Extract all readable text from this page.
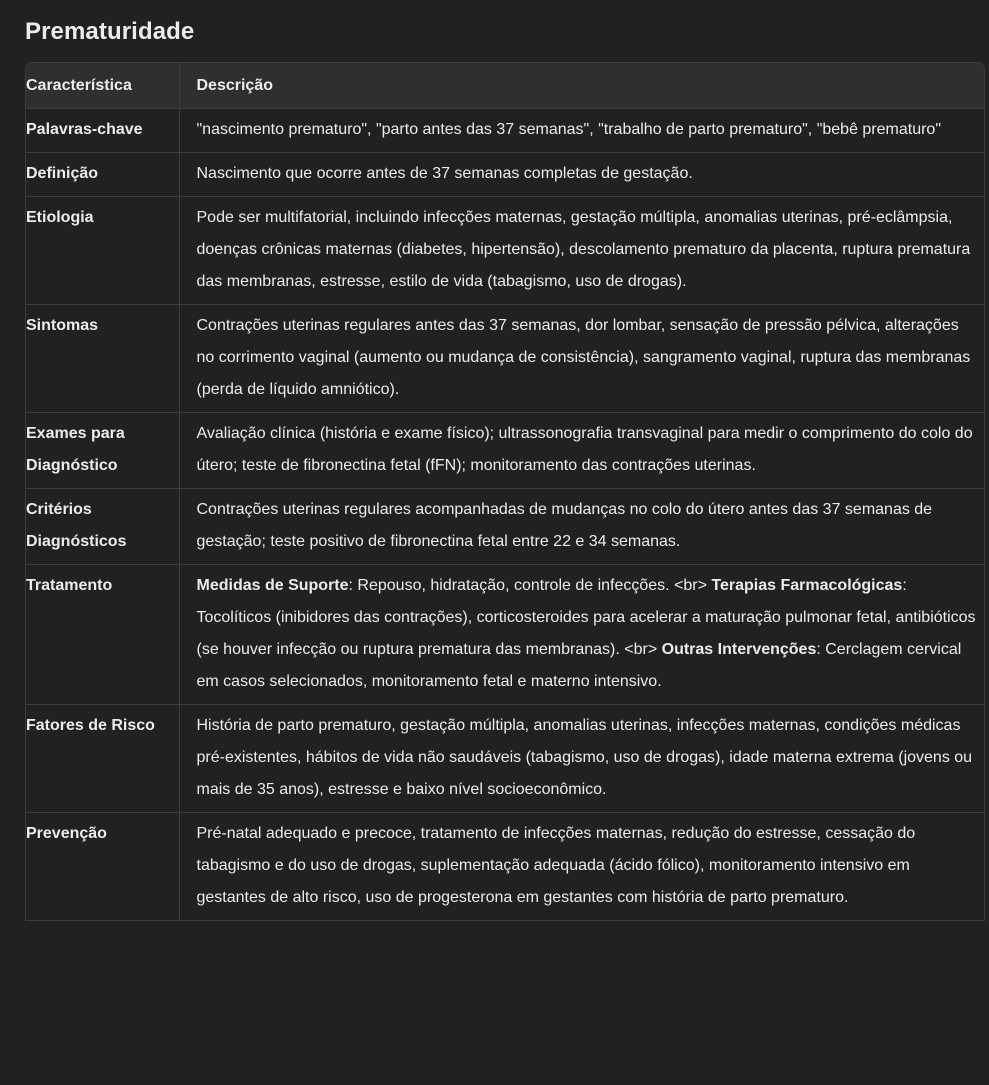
Prematuridade
Característica	Descrição
Palavras-chave	"nascimento prematuro", "parto antes das 37 semanas", "trabalho de parto prematuro", "bebê prematuro"
Definição	Nascimento que ocorre antes de 37 semanas completas de gestação.
Etiologia	Pode ser multifatorial, incluindo infecções maternas, gestação múltipla, anomalias uterinas, pré-eclâmpsia, doenças crônicas maternas (diabetes, hipertensão), descolamento prematuro da placenta, ruptura prematura das membranas, estresse, estilo de vida (tabagismo, uso de drogas).
Sintomas	Contrações uterinas regulares antes das 37 semanas, dor lombar, sensação de pressão pélvica, alterações no corrimento vaginal (aumento ou mudança de consistência), sangramento vaginal, ruptura das membranas (perda de líquido amniótico).
Exames para Diagnóstico	Avaliação clínica (história e exame físico); ultrassonografia transvaginal para medir o comprimento do colo do útero; teste de fibronectina fetal (fFN); monitoramento das contrações uterinas.
Critérios Diagnósticos	Contrações uterinas regulares acompanhadas de mudanças no colo do útero antes das 37 semanas de gestação; teste positivo de fibronectina fetal entre 22 e 34 semanas.
Tratamento	Medidas de Suporte: Repouso, hidratação, controle de infecções. <br> Terapias Farmacológicas: Tocolíticos (inibidores das contrações), corticosteroides para acelerar a maturação pulmonar fetal, antibióticos (se houver infecção ou ruptura prematura das membranas). <br> Outras Intervenções: Cerclagem cervical em casos selecionados, monitoramento fetal e materno intensivo.
Fatores de Risco	História de parto prematuro, gestação múltipla, anomalias uterinas, infecções maternas, condições médicas pré-existentes, hábitos de vida não saudáveis (tabagismo, uso de drogas), idade materna extrema (jovens ou mais de 35 anos), estresse e baixo nível socioeconômico.
Prevenção	Pré-natal adequado e precoce, tratamento de infecções maternas, redução do estresse, cessação do tabagismo e do uso de drogas, suplementação adequada (ácido fólico), monitoramento intensivo em gestantes de alto risco, uso de progesterona em gestantes com história de parto prematuro.
